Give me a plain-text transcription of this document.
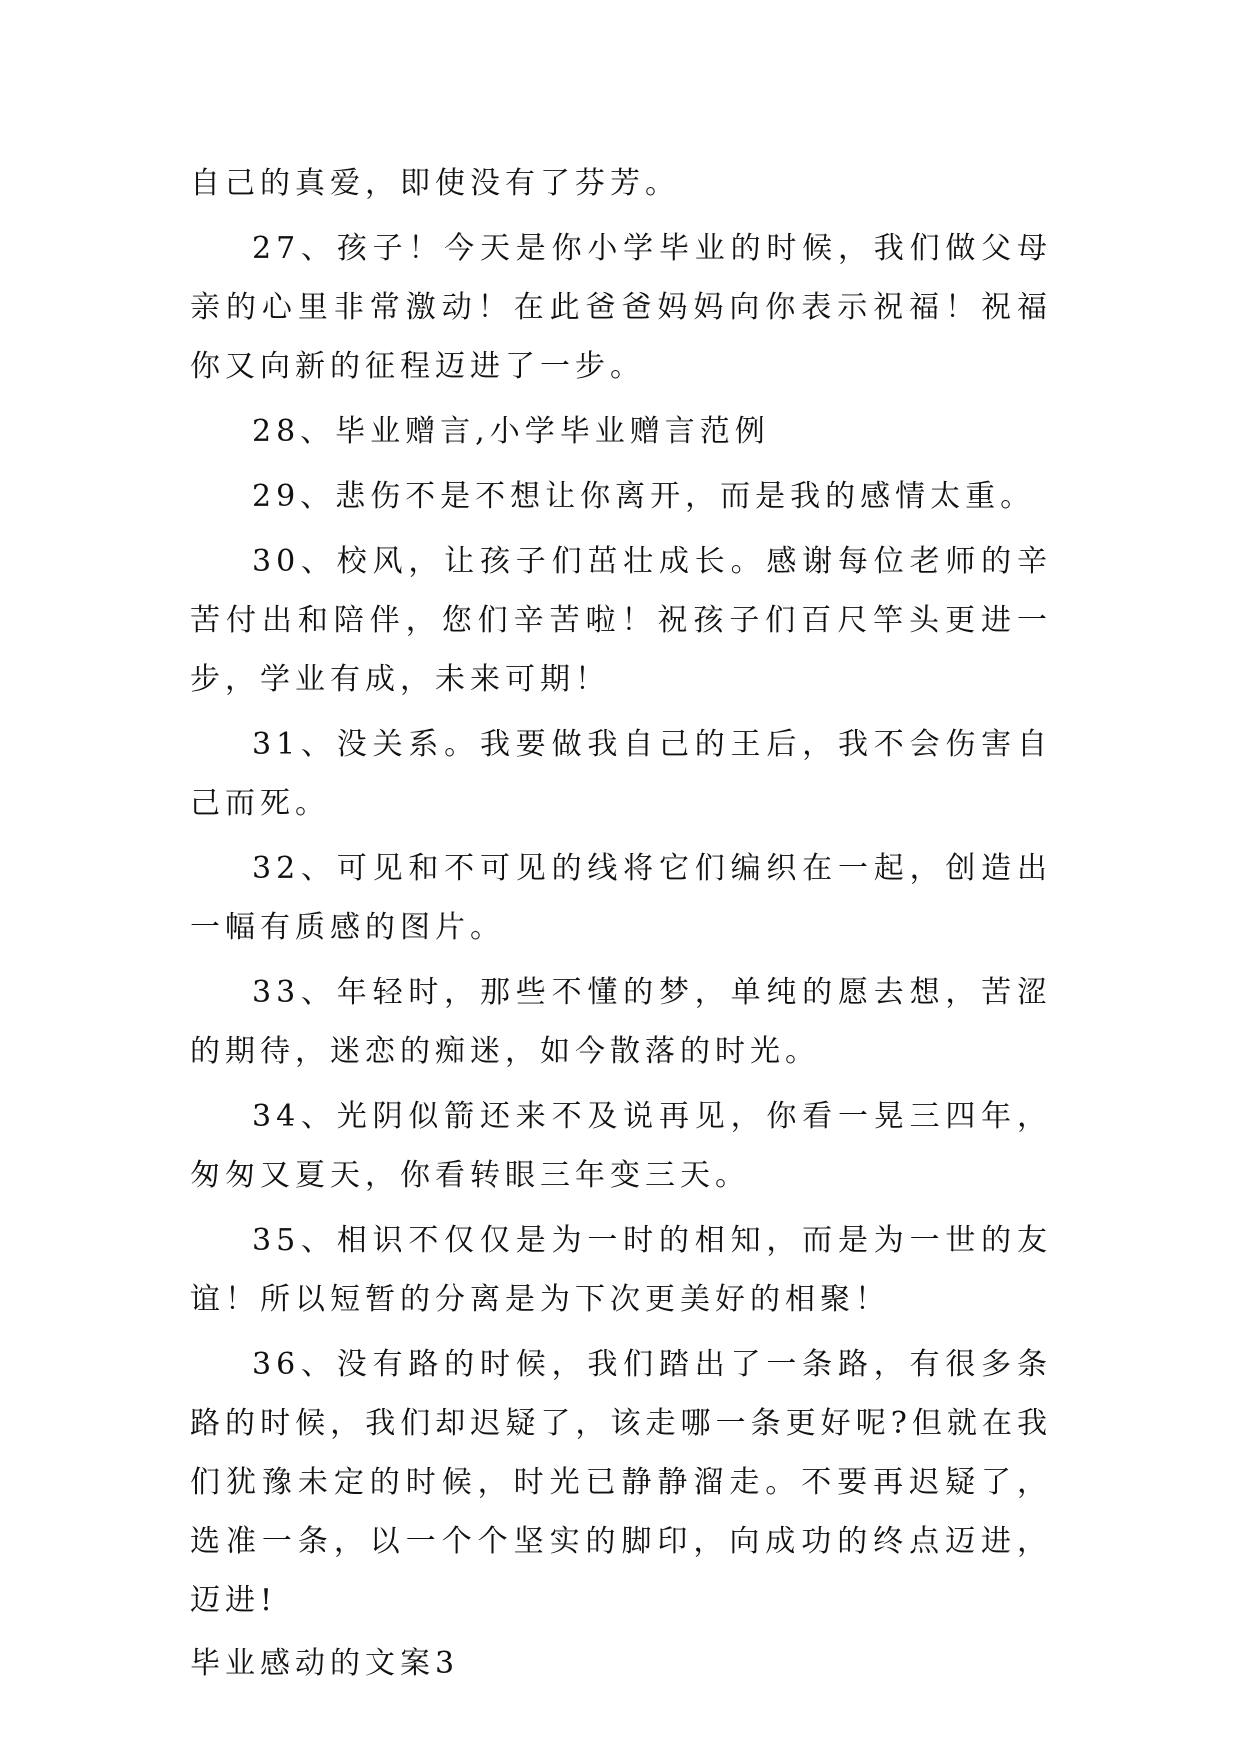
自己的真爱，即使没有了芬芳。

27、孩子！今天是你小学毕业的时候，我们做父母亲的心里非常激动！在此爸爸妈妈向你表示祝福！祝福你又向新的征程迈进了一步。

28、毕业赠言,小学毕业赠言范例

29、悲伤不是不想让你离开，而是我的感情太重。

30、校风，让孩子们茁壮成长。感谢每位老师的辛苦付出和陪伴，您们辛苦啦！祝孩子们百尺竿头更进一步，学业有成，未来可期！

31、没关系。我要做我自己的王后，我不会伤害自己而死。

32、可见和不可见的线将它们编织在一起，创造出一幅有质感的图片。

33、年轻时，那些不懂的梦，单纯的愿去想，苦涩的期待，迷恋的痴迷，如今散落的时光。

34、光阴似箭还来不及说再见，你看一晃三四年，匆匆又夏天，你看转眼三年变三天。

35、相识不仅仅是为一时的相知，而是为一世的友谊！所以短暂的分离是为下次更美好的相聚！

36、没有路的时候，我们踏出了一条路，有很多条路的时候，我们却迟疑了，该走哪一条更好呢?但就在我们犹豫未定的时候，时光已静静溜走。不要再迟疑了，选准一条，以一个个坚实的脚印，向成功的终点迈进，迈进!

毕业感动的文案3
